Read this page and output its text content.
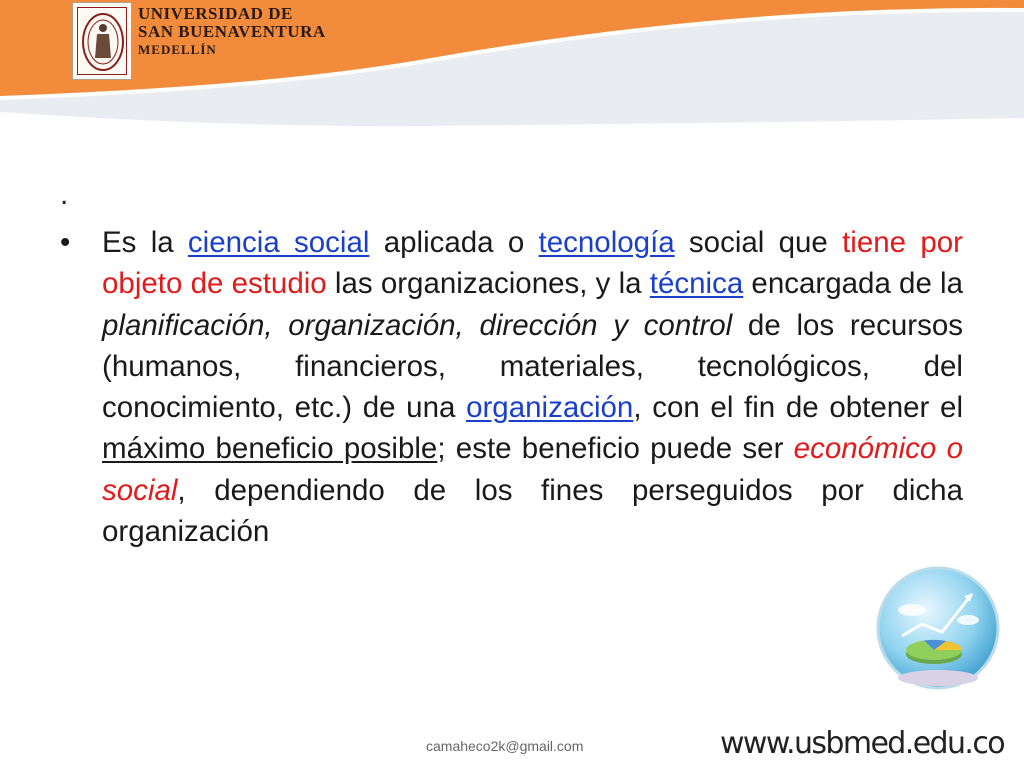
UNIVERSIDAD DE
SAN BUENAVENTURA
MEDELLÍN
.
•	Es la ciencia social aplicada o tecnología social que tiene por objeto de estudio las organizaciones, y la técnica encargada de la planificación, organización, dirección y control de los recursos (humanos, financieros, materiales, tecnológicos, del conocimiento, etc.) de una organización, con el fin de obtener el máximo beneficio posible; este beneficio puede ser económico o social, dependiendo de los fines perseguidos por dicha organización
camaheco2k@gmail.com	www.usbmed.edu.co
